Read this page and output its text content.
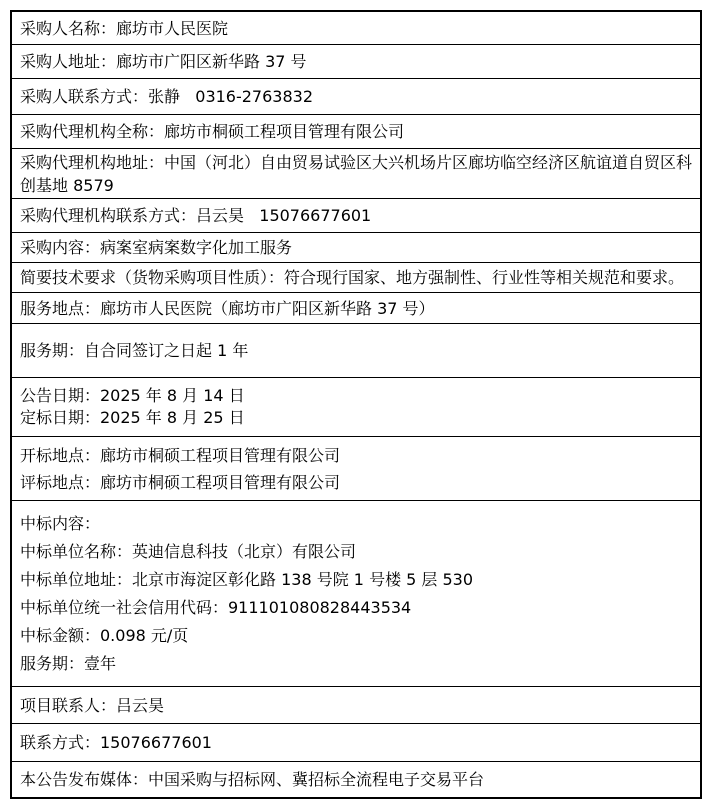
采购人名称：廊坊市人民医院
采购人地址：廊坊市广阳区新华路 37 号
采购人联系方式：张静   0316-2763832
采购代理机构全称：廊坊市桐硕工程项目管理有限公司
采购代理机构地址：中国（河北）自由贸易试验区大兴机场片区廊坊临空经济区航谊道自贸区科创基地 8579
采购代理机构联系方式：吕云昊   15076677601
采购内容：病案室病案数字化加工服务
简要技术要求（货物采购项目性质）：符合现行国家、地方强制性、行业性等相关规范和要求。
服务地点：廊坊市人民医院（廊坊市广阳区新华路 37 号）
服务期：自合同签订之日起 1 年
公告日期：2025 年 8 月 14 日
定标日期：2025 年 8 月 25 日
开标地点：廊坊市桐硕工程项目管理有限公司
评标地点：廊坊市桐硕工程项目管理有限公司
中标内容：
中标单位名称：英迪信息科技（北京）有限公司
中标单位地址：北京市海淀区彰化路 138 号院 1 号楼 5 层 530
中标单位统一社会信用代码：911101080828443534
中标金额：0.098 元/页
服务期：壹年
项目联系人：吕云昊
联系方式：15076677601
本公告发布媒体：中国采购与招标网、冀招标全流程电子交易平台
